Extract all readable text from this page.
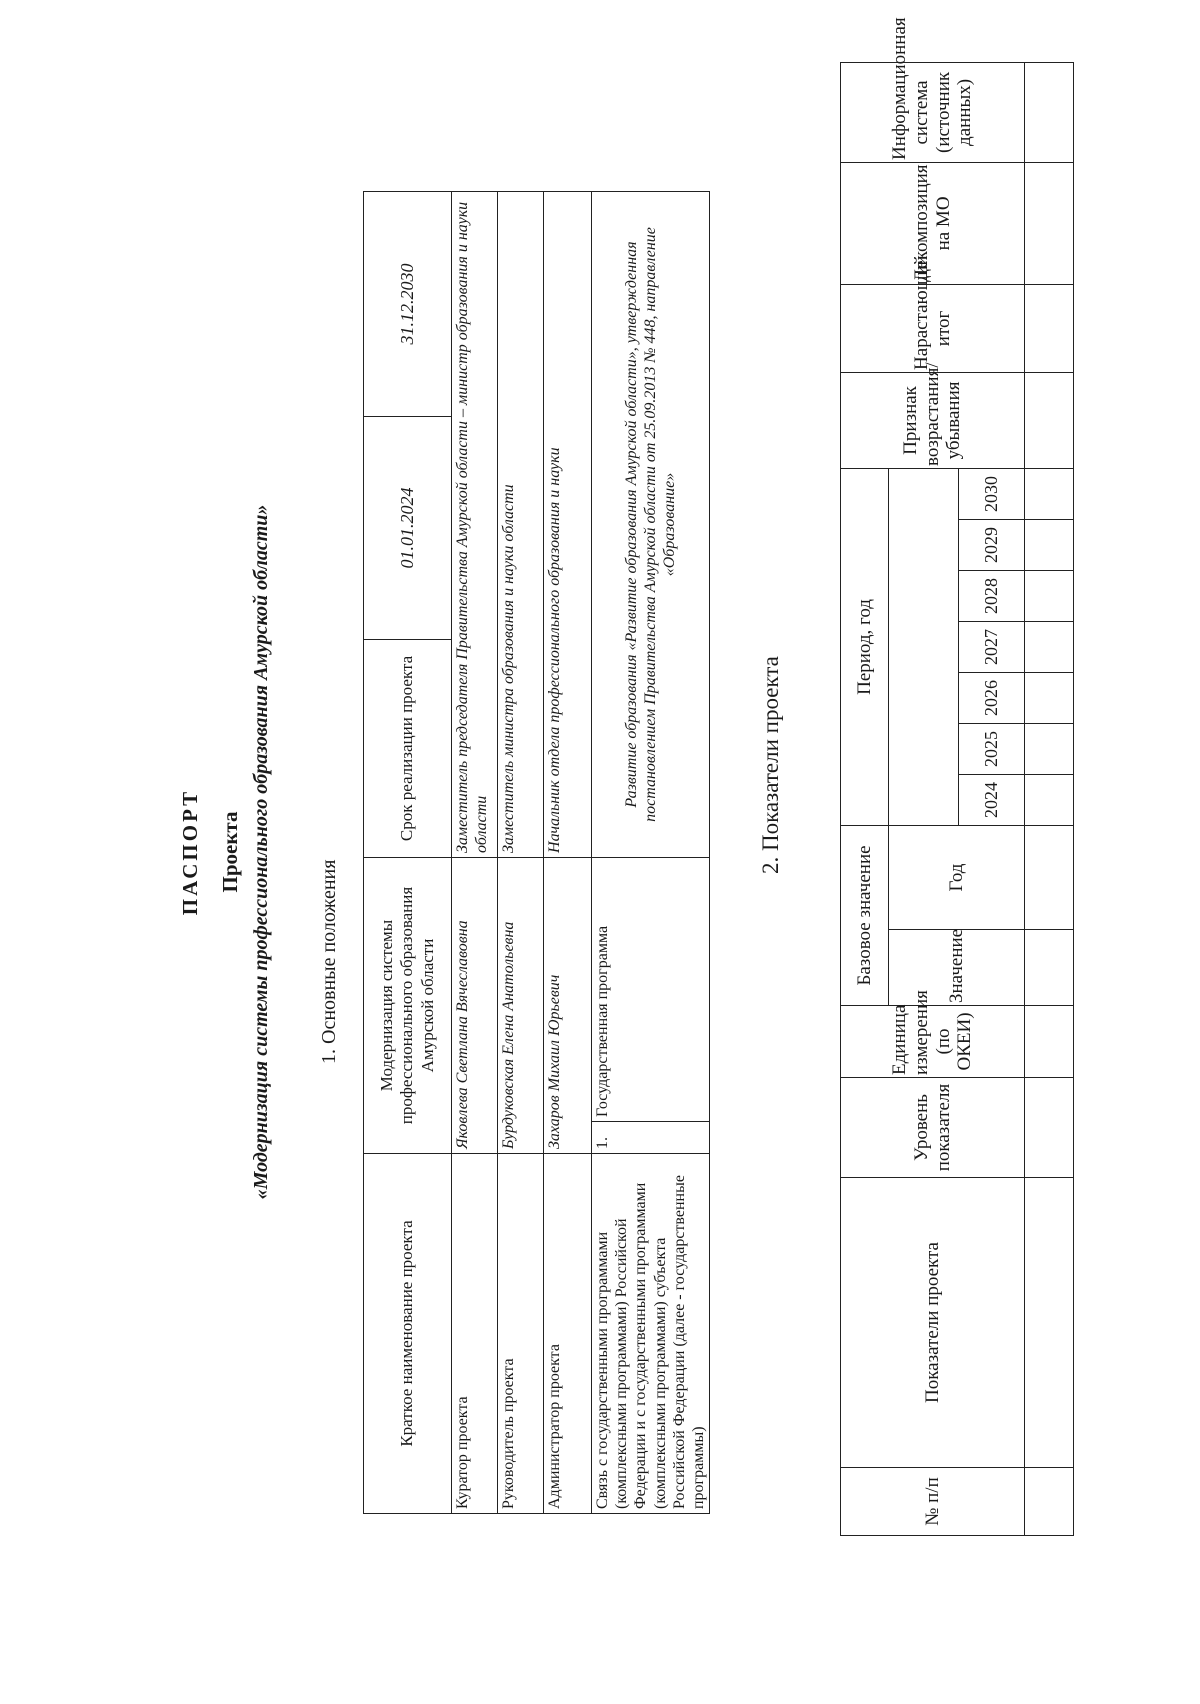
ПАСПОРТ Проекта «Модернизация системы профессионального образования Амурской области» 1. Основные положения

Краткое наименование проекта	Модернизация системы профессионального образования Амурской области		Срок реализации проекта	01.01.2024	31.12.2030
Куратор проекта	Яковлева Светлана Вячеславовна		Заместитель председателя Правительства Амурской области – министр образования и науки области		
Руководитель проекта	Бурдуковская Елена Анатольевна		Заместитель министра образования и науки области		
Администратор проекта	Захаров Михаил Юрьевич		Начальник отдела профессионального образования и науки		
Связь с государственными программами (комплексными программами) Российской Федерации и с государственными программами (комплексными программами) субъекта Российской Федерации (далее - государственные программы)	1.	Государственная программа	Развитие образования «Развитие образования Амурской области», утвержденная постановлением Правительства Амурской области от 25.09.2013 № 448, направление «Образование»		

2. Показатели проекта

№ п/п	Показатели проекта	Уровень показателя	Единица измерения (по ОКЕИ)	Базовое значение		Период, год							Признак возрастания/убывания	Нарастающий итог	Декомпозиция на МО	Информационная система (источник данных)
				Значение	Год											
						2024	2025	2026	2027	2028	2029	2030				
